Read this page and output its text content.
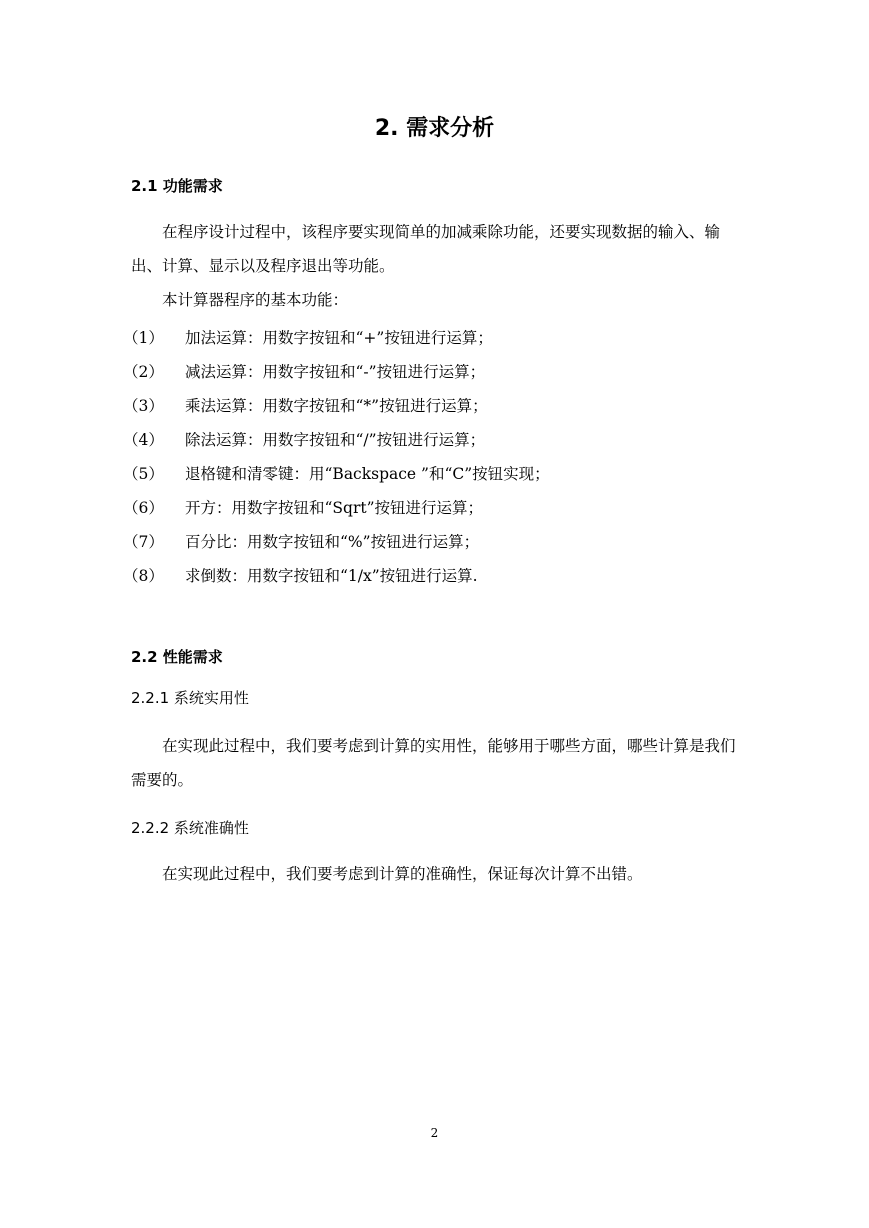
2. 需求分析
2.1 功能需求

在程序设计过程中，该程序要实现简单的加减乘除功能，还要实现数据的输入、输出、计算、显示以及程序退出等功能。

本计算器程序的基本功能：

（1） 加法运算：用数字按钮和“+”按钮进行运算；
（2） 减法运算：用数字按钮和“-”按钮进行运算；
（3） 乘法运算：用数字按钮和“*”按钮进行运算；
（4） 除法运算：用数字按钮和“/”按钮进行运算；
（5） 退格键和清零键：用“Backspace ”和“C”按钮实现；
（6） 开方：用数字按钮和“Sqrt”按钮进行运算；
（7） 百分比：用数字按钮和“%”按钮进行运算；
（8） 求倒数：用数字按钮和“1/x”按钮进行运算.
2.2 性能需求
2.2.1 系统实用性

在实现此过程中，我们要考虑到计算的实用性，能够用于哪些方面，哪些计算是我们需要的。

2.2.2 系统准确性

在实现此过程中，我们要考虑到计算的准确性，保证每次计算不出错。

2
